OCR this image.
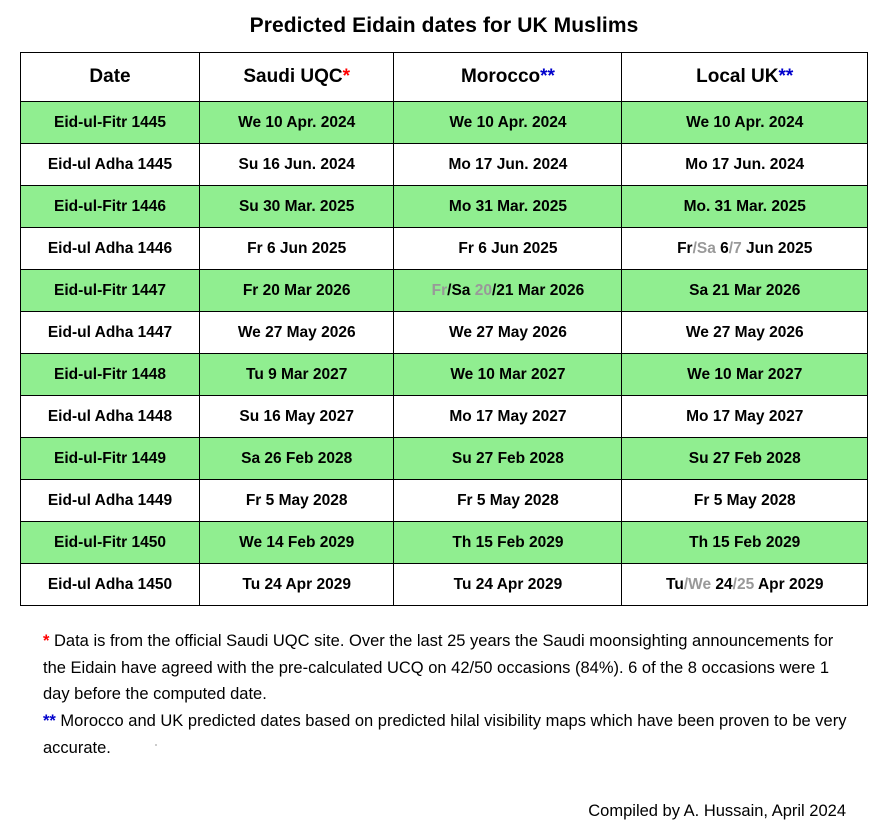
Predicted Eidain dates for UK Muslims
Date	Saudi UQC*	Morocco**	Local UK**
Eid-ul-Fitr 1445	We 10 Apr. 2024	We 10 Apr. 2024	We 10 Apr. 2024
Eid-ul Adha 1445	Su 16 Jun. 2024	Mo 17 Jun. 2024	Mo 17 Jun. 2024
Eid-ul-Fitr 1446	Su 30 Mar. 2025	Mo 31 Mar. 2025	Mo. 31 Mar. 2025
Eid-ul Adha 1446	Fr 6 Jun 2025	Fr 6 Jun 2025	Fr/Sa 6/7 Jun 2025
Eid-ul-Fitr 1447	Fr 20 Mar 2026	Fr/Sa 20/21 Mar 2026	Sa 21 Mar 2026
Eid-ul Adha 1447	We 27 May 2026	We 27 May 2026	We 27 May 2026
Eid-ul-Fitr 1448	Tu 9 Mar 2027	We 10 Mar 2027	We 10 Mar 2027
Eid-ul Adha 1448	Su 16 May 2027	Mo 17 May 2027	Mo 17 May 2027
Eid-ul-Fitr 1449	Sa 26 Feb 2028	Su 27 Feb 2028	Su 27 Feb 2028
Eid-ul Adha 1449	Fr 5 May 2028	Fr 5 May 2028	Fr 5 May 2028
Eid-ul-Fitr 1450	We 14 Feb 2029	Th 15 Feb 2029	Th 15 Feb 2029
Eid-ul Adha 1450	Tu 24 Apr 2029	Tu 24 Apr 2029	Tu/We 24/25 Apr 2029

* Data is from the official Saudi UQC site. Over the last 25 years the Saudi moonsighting announcements for the Eidain have agreed with the pre-calculated UCQ on 42/50 occasions (84%). 6 of the 8 occasions were 1 day before the computed date.

** Morocco and UK predicted dates based on predicted hilal visibility maps which have been proven to be very accurate.

Compiled by A. Hussain, April 2024
